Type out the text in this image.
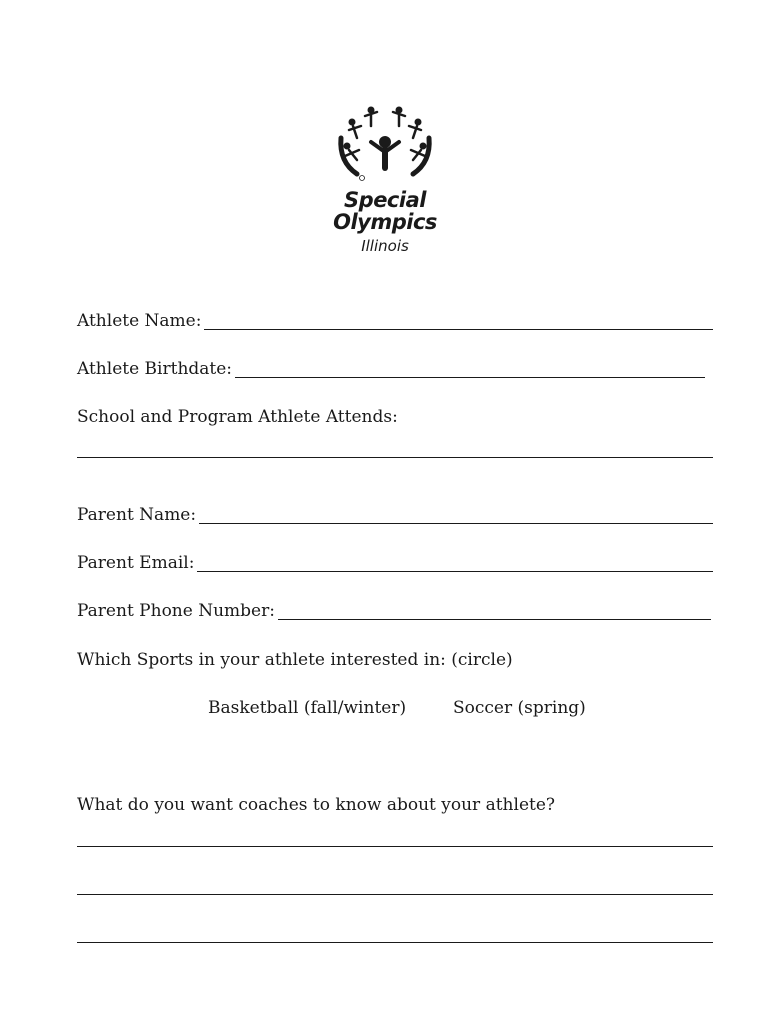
Special
Olympics
Illinois
Athlete Name:
Athlete Birthdate:
School and Program Athlete Attends:
Parent Name:
Parent Email:
Parent Phone Number:
Which Sports in your athlete interested in: (circle)
Basketball (fall/winter)	Soccer (spring)
What do you want coaches to know about your athlete?
